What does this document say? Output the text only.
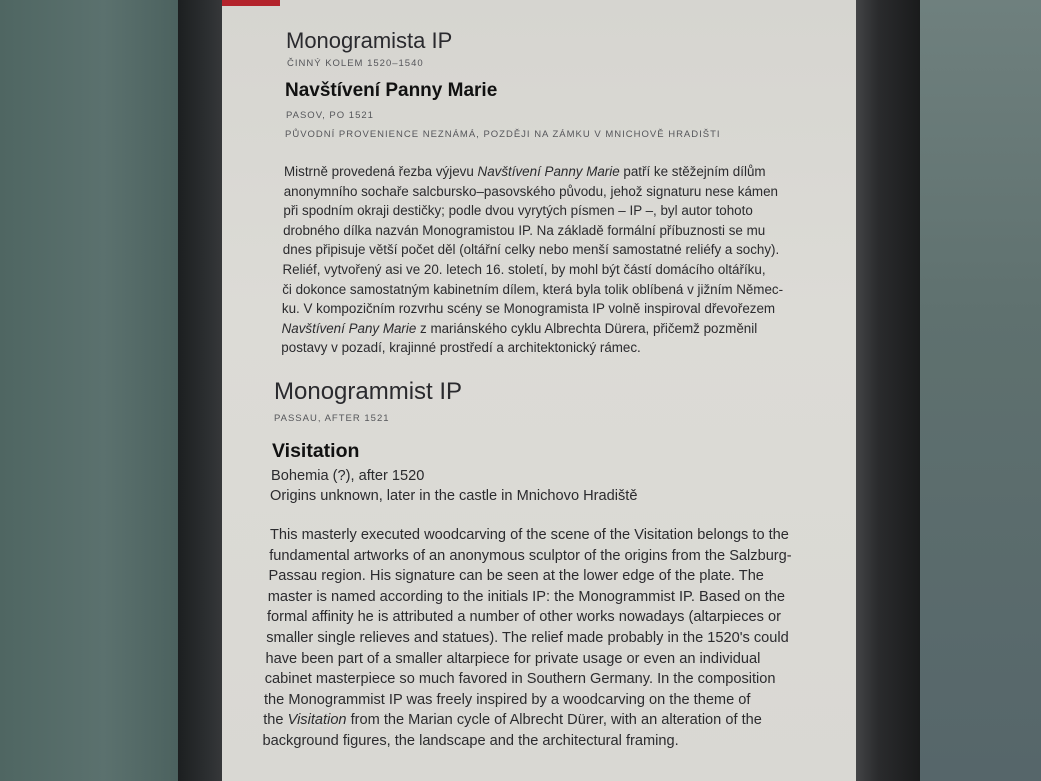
Monogramista IP
ČINNÝ KOLEM 1520–1540
Navštívení Panny Marie
PASOV, PO 1521
PŮVODNÍ PROVENIENCE NEZNÁMÁ, POZDĚJI NA ZÁMKU V MNICHOVĚ HRADIŠTI
Mistrně provedená řezba výjevu Navštívení Panny Marie patří ke stěžejním dílům
anonymního sochaře salcbursko–pasovského původu, jehož signaturu nese kámen
při spodním okraji destičky; podle dvou vyrytých písmen – IP –, byl autor tohoto
drobného dílka nazván Monogramistou IP. Na základě formální příbuznosti se mu
dnes připisuje větší počet děl (oltářní celky nebo menší samostatné reliéfy a sochy).
Reliéf, vytvořený asi ve 20. letech 16. století, by mohl být částí domácího oltáříku,
či dokonce samostatným kabinetním dílem, která byla tolik oblíbená v jižním Němec-
ku. V kompozičním rozvrhu scény se Monogramista IP volně inspiroval dřevořezem
Navštívení Pany Marie z mariánského cyklu Albrechta Dürera, přičemž pozměnil
postavy v pozadí, krajinné prostředí a architektonický rámec.
Monogrammist IP
PASSAU, AFTER 1521
Visitation
Bohemia (?), after 1520
Origins unknown, later in the castle in Mnichovo Hradiště
This masterly executed woodcarving of the scene of the Visitation belongs to the
fundamental artworks of an anonymous sculptor of the origins from the Salzburg-
Passau region. His signature can be seen at the lower edge of the plate. The
master is named according to the initials IP: the Monogrammist IP. Based on the
formal affinity he is attributed a number of other works nowadays (altarpieces or
smaller single relieves and statues). The relief made probably in the 1520's could
have been part of a smaller altarpiece for private usage or even an individual
cabinet masterpiece so much favored in Southern Germany. In the composition
the Monogrammist IP was freely inspired by a woodcarving on the theme of
the Visitation from the Marian cycle of Albrecht Dürer, with an alteration of the
background figures, the landscape and the architectural framing.
